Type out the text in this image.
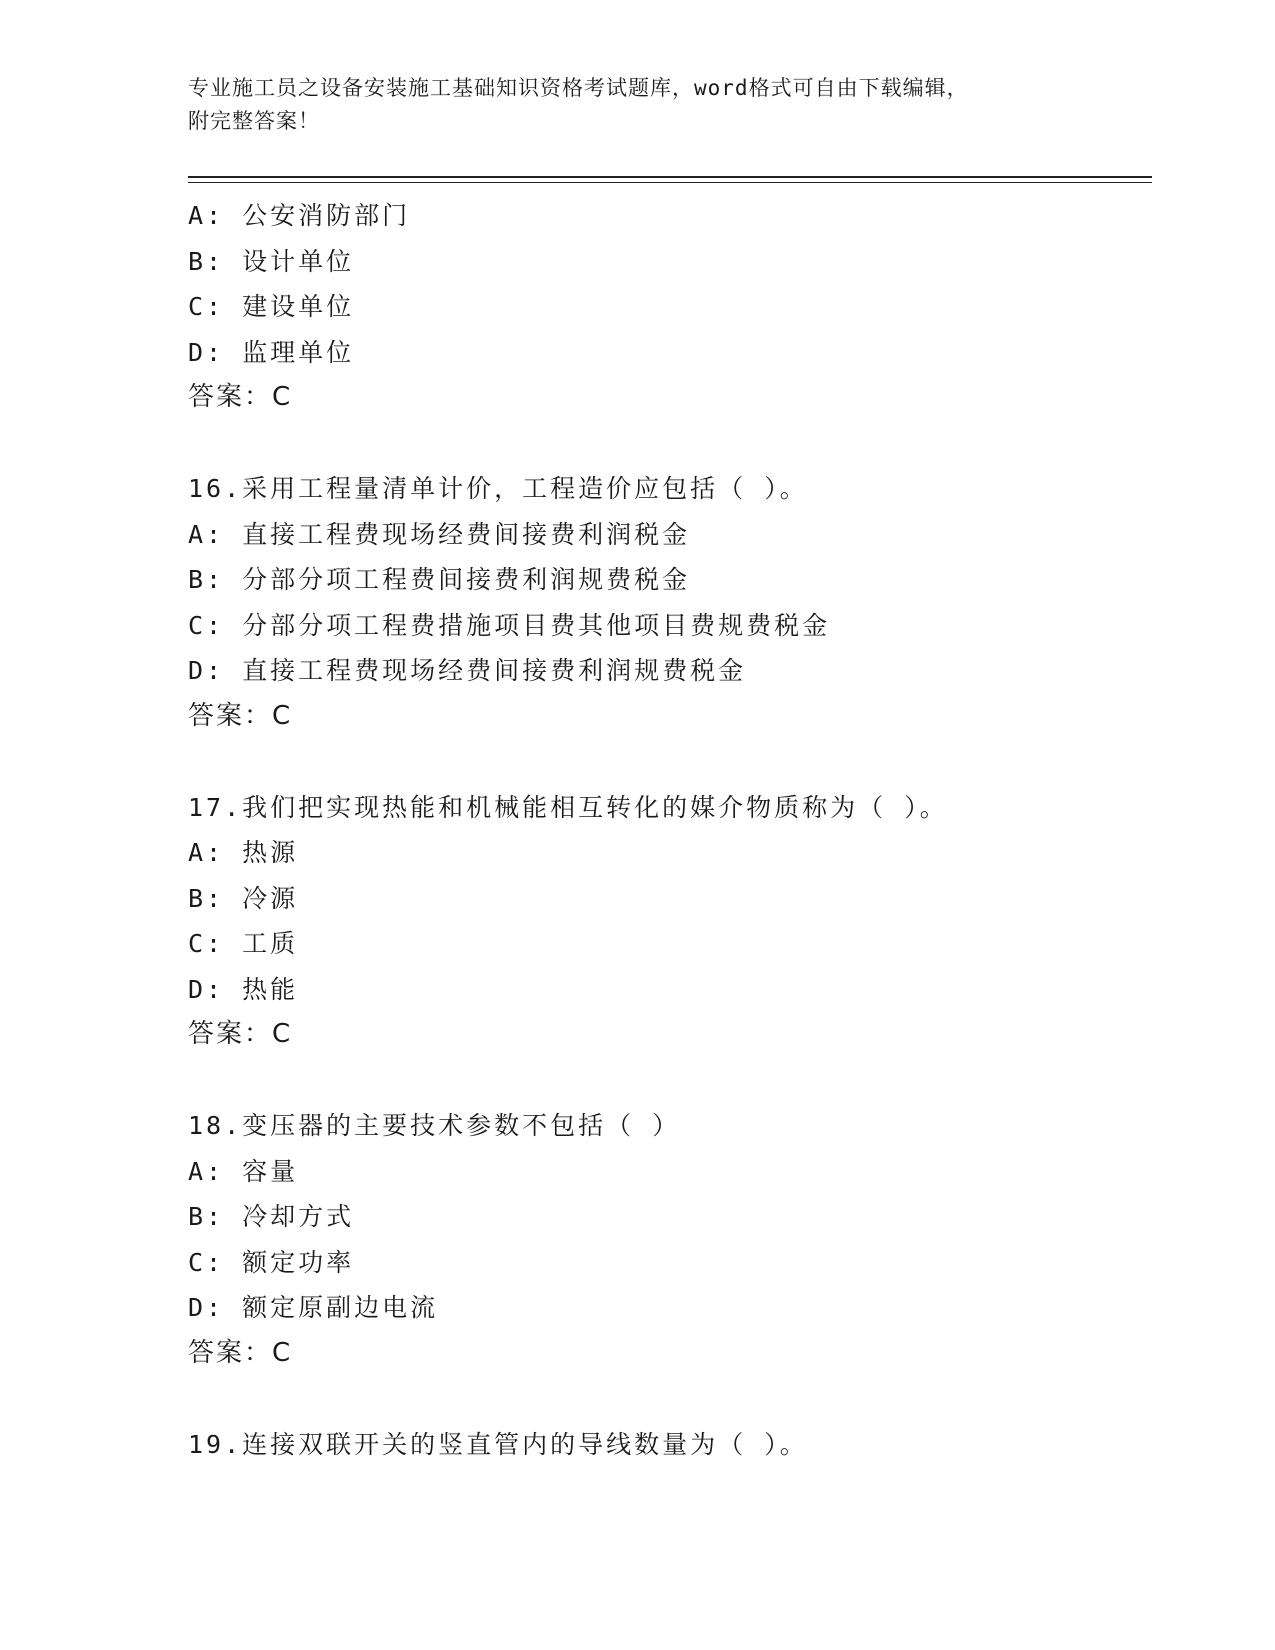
专业施工员之设备安装施工基础知识资格考试题库，word格式可自由下载编辑，
附完整答案！
A: 公安消防部门
B: 设计单位
C: 建设单位
D: 监理单位
答案：C
16.采用工程量清单计价，工程造价应包括（ ）。
A: 直接工程费现场经费间接费利润税金
B: 分部分项工程费间接费利润规费税金
C: 分部分项工程费措施项目费其他项目费规费税金
D: 直接工程费现场经费间接费利润规费税金
答案：C
17.我们把实现热能和机械能相互转化的媒介物质称为（ ）。
A: 热源
B: 冷源
C: 工质
D: 热能
答案：C
18.变压器的主要技术参数不包括（ ）
A: 容量
B: 冷却方式
C: 额定功率
D: 额定原副边电流
答案：C
19.连接双联开关的竖直管内的导线数量为（ ）。
